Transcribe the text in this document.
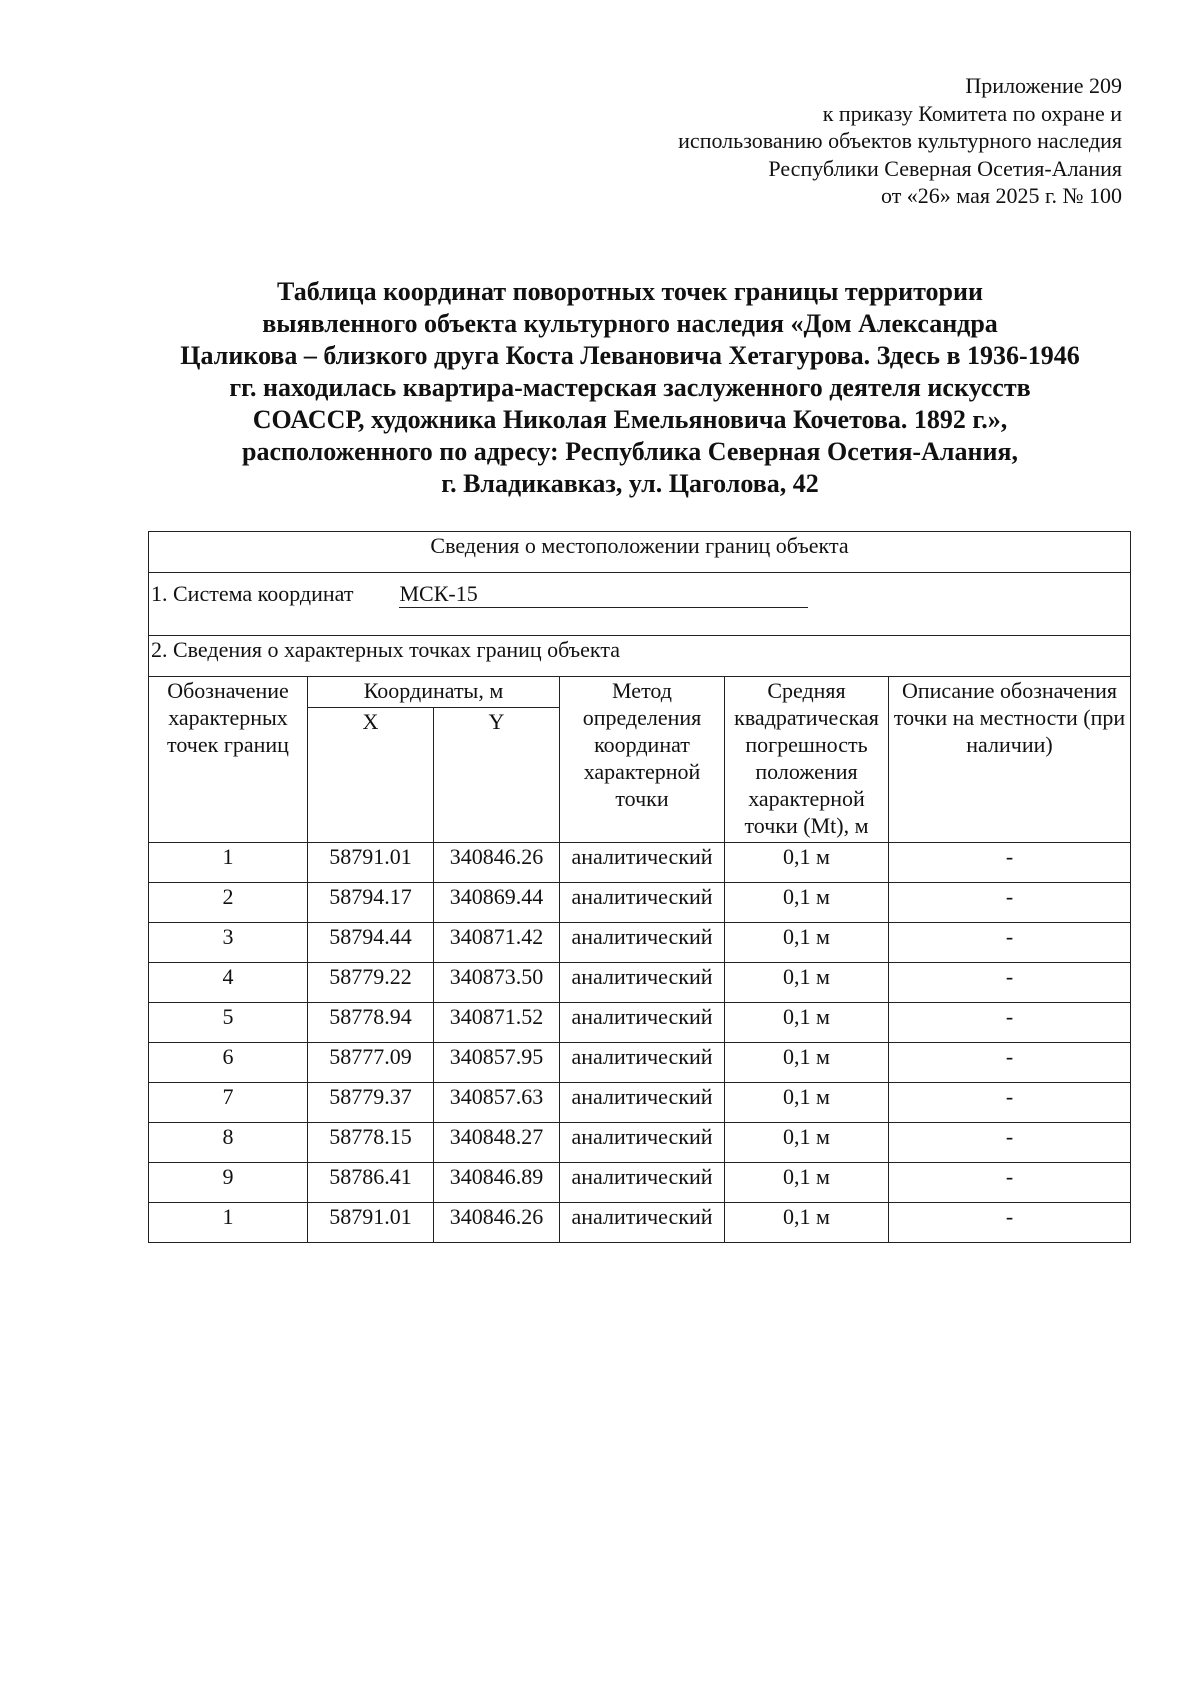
Приложение 209
к приказу Комитета по охране и
использованию объектов культурного наследия
Республики Северная Осетия-Алания
от «26» мая 2025 г. № 100
Таблица координат поворотных точек границы территории
выявленного объекта культурного наследия «Дом Александра
Цаликова – близкого друга Коста Левановича Хетагурова. Здесь в 1936-1946
гг. находилась квартира-мастерская заслуженного деятеля искусств
СОАССР, художника Николая Емельяновича Кочетова. 1892 г.»,
расположенного по адресу: Республика Северная Осетия-Алания,
г. Владикавказ, ул. Цаголова, 42
Сведения о местоположении границ объекта					
1. Система координат МСК-15					
2. Сведения о характерных точках границ объекта					
Обозначение характерных точек границ	Координаты, м		Метод определения координат характерной точки	Средняя квадратическая погрешность положения характерной точки (Mt), м	Описание обозначения точки на местности (при наличии)
	X	Y			
1	58791.01	340846.26	аналитический	0,1 м	-
2	58794.17	340869.44	аналитический	0,1 м	-
3	58794.44	340871.42	аналитический	0,1 м	-
4	58779.22	340873.50	аналитический	0,1 м	-
5	58778.94	340871.52	аналитический	0,1 м	-
6	58777.09	340857.95	аналитический	0,1 м	-
7	58779.37	340857.63	аналитический	0,1 м	-
8	58778.15	340848.27	аналитический	0,1 м	-
9	58786.41	340846.89	аналитический	0,1 м	-
1	58791.01	340846.26	аналитический	0,1 м	-
